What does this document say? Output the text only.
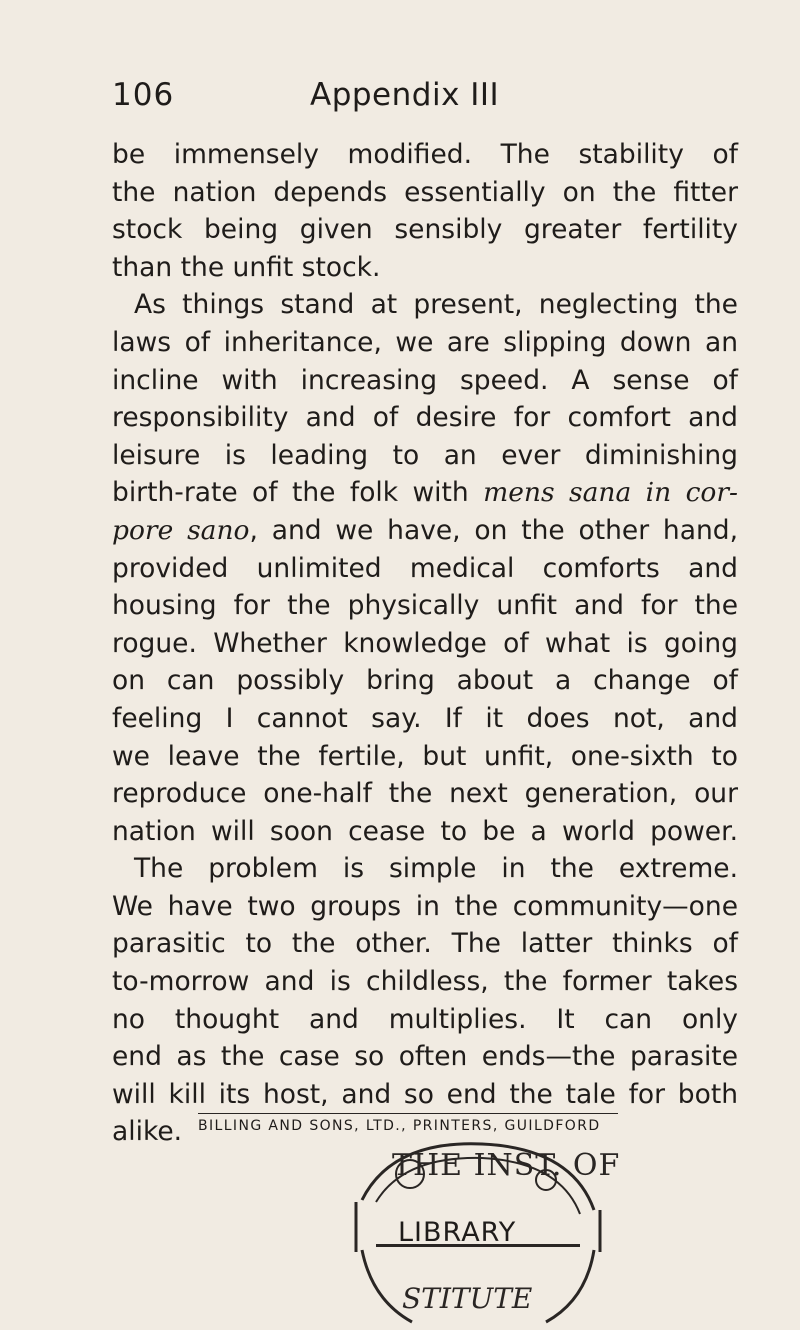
106	Appendix III
be immensely modified. The stability of
the nation depends essentially on the fitter
stock being given sensibly greater fertility
than the unfit stock.
As things stand at present, neglecting the
laws of inheritance, we are slipping down an
incline with increasing speed. A sense of
responsibility and of desire for comfort and
leisure is leading to an ever diminishing
birth-rate of the folk with mens sana in cor-
pore sano, and we have, on the other hand,
provided unlimited medical comforts and
housing for the physically unfit and for the
rogue. Whether knowledge of what is going
on can possibly bring about a change of
feeling I cannot say. If it does not, and
we leave the fertile, but unfit, one-sixth to
reproduce one-half the next generation, our
nation will soon cease to be a world power.
The problem is simple in the extreme.
We have two groups in the community—one
parasitic to the other. The latter thinks of
to-morrow and is childless, the former takes
no thought and multiplies. It can only
end as the case so often ends—the parasite
will kill its host, and so end the tale for both
alike.	BILLING AND SONS, LTD., PRINTERS, GUILDFORD
THE INST. OF
LIBRARY
STITUTE
